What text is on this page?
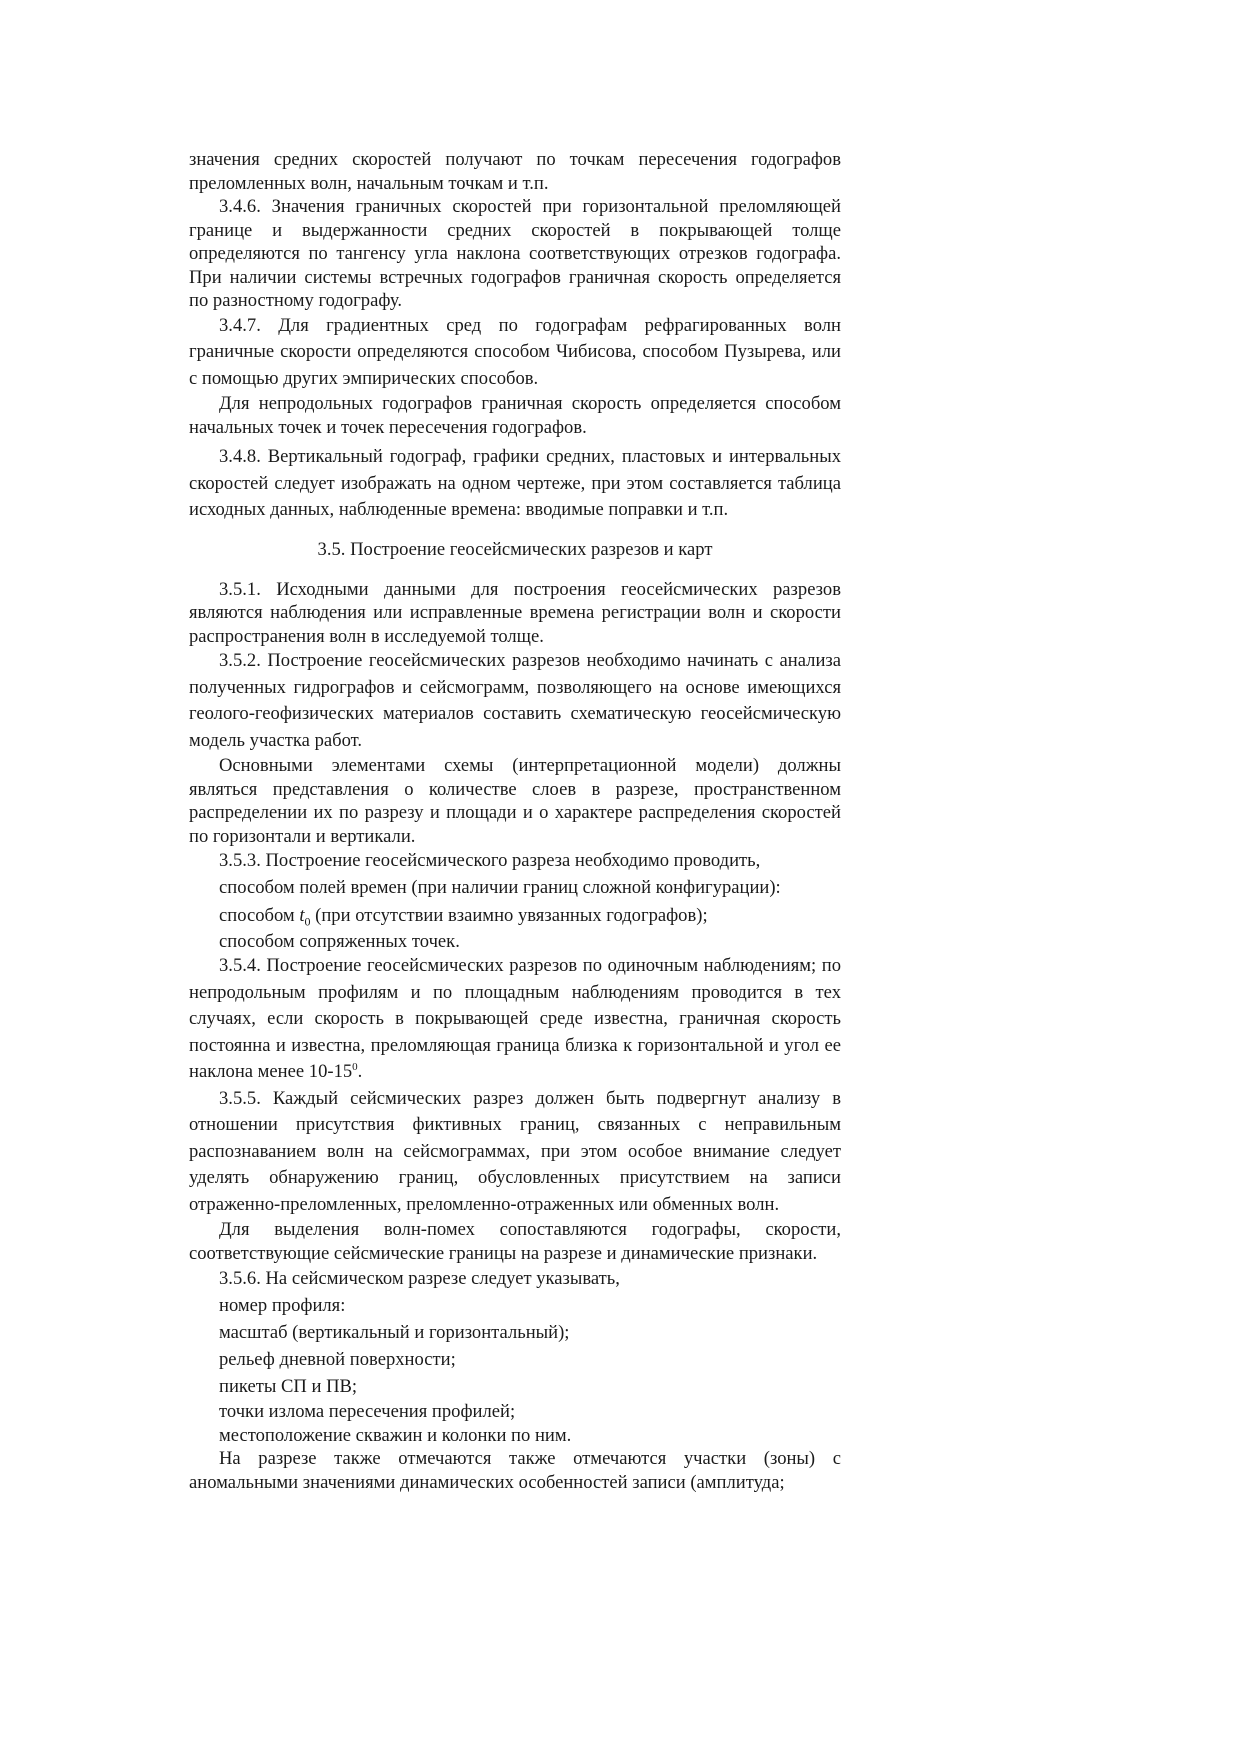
значения средних скоростей получают по точкам пересечения годографов преломленных волн, начальным точкам и т.п.

3.4.6. Значения граничных скоростей при горизонтальной преломляющей границе и выдержанности средних скоростей в покрывающей толще определяются по тангенсу угла наклона соответствующих отрезков годографа. При наличии системы встречных годографов граничная скорость определяется по разностному годографу.

3.4.7. Для градиентных сред по годографам рефрагированных волн граничные скорости определяются способом Чибисова, способом Пузырева, или с помощью других эмпирических способов.

Для непродольных годографов граничная скорость определяется способом начальных точек и точек пересечения годографов.

3.4.8. Вертикальный годограф, графики средних, пластовых и интервальных скоростей следует изображать на одном чертеже, при этом составляется таблица исходных данных, наблюденные времена: вводимые поправки и т.п.

3.5. Построение геосейсмических разрезов и карт

3.5.1. Исходными данными для построения геосейсмических разрезов являются наблюдения или исправленные времена регистрации волн и скорости распространения волн в исследуемой толще.

3.5.2. Построение геосейсмических разрезов необходимо начинать с анализа полученных гидрографов и сейсмограмм, позволяющего на основе имеющихся геолого-геофизических материалов составить схематическую геосейсмическую модель участка работ.

Основными элементами схемы (интерпретационной модели) должны являться представления о количестве слоев в разрезе, пространственном распределении их по разрезу и площади и о характере распределения скоростей по горизонтали и вертикали.

3.5.3. Построение геосейсмического разреза необходимо проводить,

способом полей времен (при наличии границ сложной конфигурации):

способом $t_0$ (при отсутствии взаимно увязанных годографов);

способом сопряженных точек.

3.5.4. Построение геосейсмических разрезов по одиночным наблюдениям; по непродольным профилям и по площадным наблюдениям проводится в тех случаях, если скорость в покрывающей среде известна, граничная скорость постоянна и известна, преломляющая граница близка к горизонтальной и угол ее наклона менее $10-15^0$.

3.5.5. Каждый сейсмических разрез должен быть подвергнут анализу в отношении присутствия фиктивных границ, связанных с неправильным распознаванием волн на сейсмограммах, при этом особое внимание следует уделять обнаружению границ, обусловленных присутствием на записи отраженно-преломленных, преломленно-отраженных или обменных волн.

Для выделения волн-помех сопоставляются годографы, скорости, соответствующие сейсмические границы на разрезе и динамические признаки.

3.5.6. На сейсмическом разрезе следует указывать,

номер профиля:

масштаб (вертикальный и горизонтальный);

рельеф дневной поверхности;

пикеты СП и ПВ;

точки излома пересечения профилей;

местоположение скважин и колонки по ним.

На разрезе также отмечаются также отмечаются участки (зоны) с аномальными значениями динамических особенностей записи (амплитуда;
